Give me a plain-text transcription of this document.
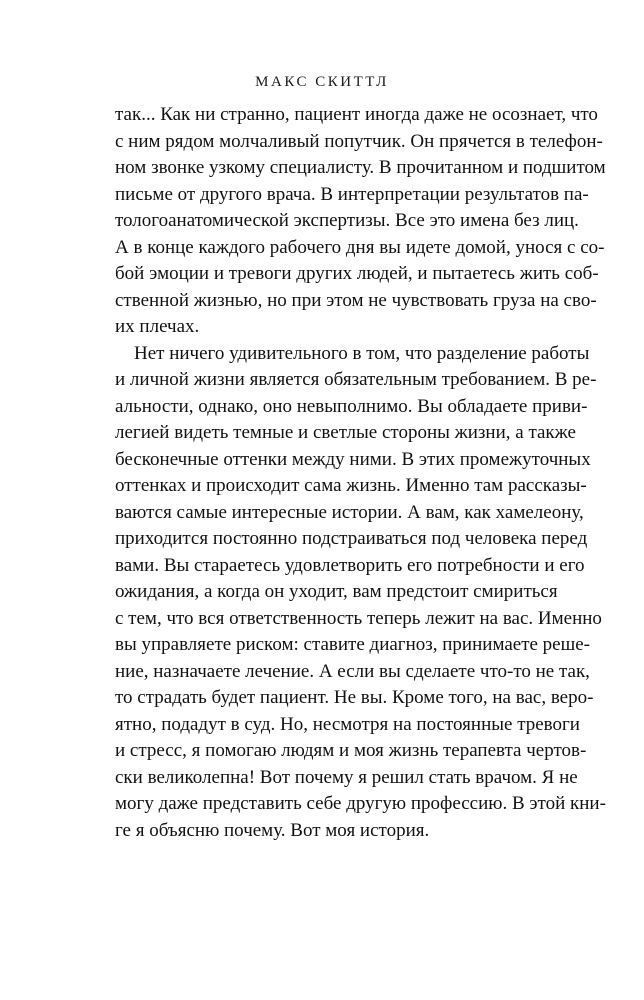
МАКС СКИТТЛ

так... Как ни странно, пациент иногда даже не осознает, что
с ним рядом молчаливый попутчик. Он прячется в телефон-
ном звонке узкому специалисту. В прочитанном и подшитом
письме от другого врача. В интерпретации результатов па-
тологоанатомической экспертизы. Все это имена без лиц.
А в конце каждого рабочего дня вы идете домой, унося с со-
бой эмоции и тревоги других людей, и пытаетесь жить соб-
ственной жизнью, но при этом не чувствовать груза на сво-
их плечах.

Нет ничего удивительного в том, что разделение работы
и личной жизни является обязательным требованием. В ре-
альности, однако, оно невыполнимо. Вы обладаете приви-
легией видеть темные и светлые стороны жизни, а также
бесконечные оттенки между ними. В этих промежуточных
оттенках и происходит сама жизнь. Именно там рассказы-
ваются самые интересные истории. А вам, как хамелеону,
приходится постоянно подстраиваться под человека перед
вами. Вы стараетесь удовлетворить его потребности и его
ожидания, а когда он уходит, вам предстоит смириться
с тем, что вся ответственность теперь лежит на вас. Именно
вы управляете риском: ставите диагноз, принимаете реше-
ние, назначаете лечение. А если вы сделаете что-то не так,
то страдать будет пациент. Не вы. Кроме того, на вас, веро-
ятно, подадут в суд. Но, несмотря на постоянные тревоги
и стресс, я помогаю людям и моя жизнь терапевта чертов-
ски великолепна! Вот почему я решил стать врачом. Я не
могу даже представить себе другую профессию. В этой кни-
ге я объясню почему. Вот моя история.
